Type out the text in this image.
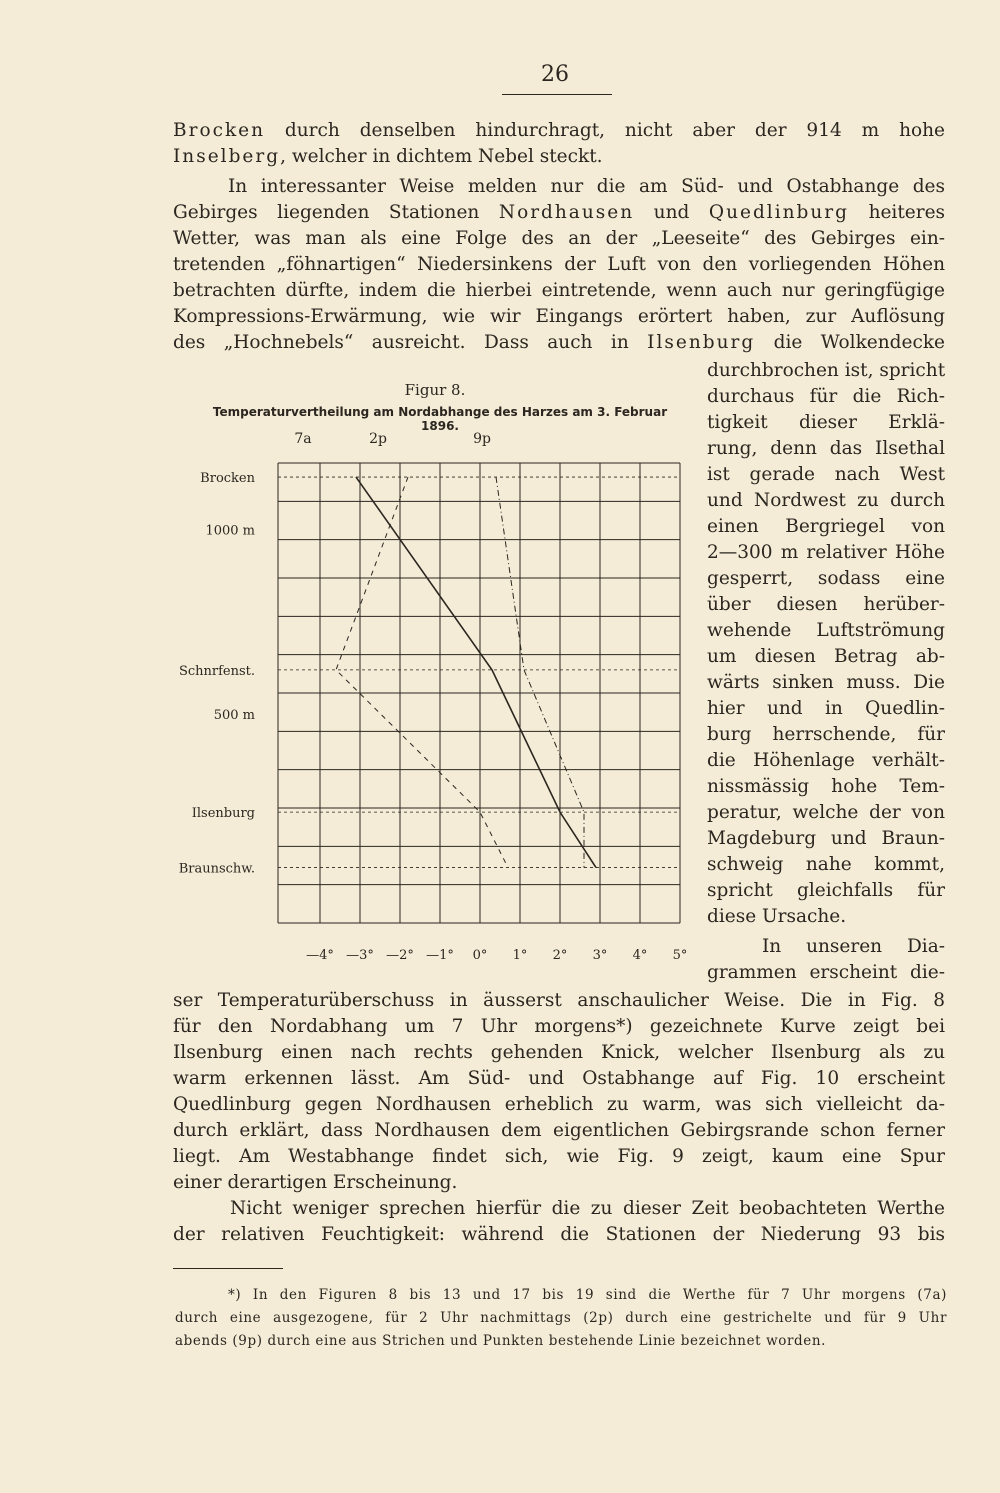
26

Brocken durch denselben hindurchragt, nicht aber der 914 m hohe

Inselberg, welcher in dichtem Nebel steckt.

In interessanter Weise melden nur die am Süd- und Ostabhange des

Gebirges liegenden Stationen Nordhausen und Quedlinburg heiteres

Wetter, was man als eine Folge des an der „Leeseite“ des Gebirges ein-

tretenden „föhnartigen“ Niedersinkens der Luft von den vorliegenden Höhen

betrachten dürfte, indem die hierbei eintretende, wenn auch nur geringfügige

Kompressions-Erwärmung, wie wir Eingangs erörtert haben, zur Auflösung

des „Hochnebels“ ausreicht. Dass auch in Ilsenburg die Wolkendecke

durchbrochen ist, spricht

durchaus für die Rich-

tigkeit dieser Erklä-

rung, denn das Ilsethal

ist gerade nach West

und Nordwest zu durch

einen Bergriegel von

2—300 m relativer Höhe

gesperrt, sodass eine

über diesen herüber-

wehende Luftströmung

um diesen Betrag ab-

wärts sinken muss. Die

hier und in Quedlin-

burg herrschende, für

die Höhenlage verhält-

nissmässig hohe Tem-

peratur, welche der von

Magdeburg und Braun-

schweig nahe kommt,

spricht gleichfalls für

diese Ursache.

In unseren Dia-

grammen erscheint die-

Figur 8.
Temperaturvertheilung am Nordabhange des Harzes am 3. Februar 1896.
Brocken
Schnrfenst.
Ilsenburg
Braunschw.
1000 m
500 m
—4° —3° —2° —1° 0° 1° 2° 3° 4° 5°
7a	2p	9p

ser Temperaturüberschuss in äusserst anschaulicher Weise. Die in Fig. 8

für den Nordabhang um 7 Uhr morgens*) gezeichnete Kurve zeigt bei

Ilsenburg einen nach rechts gehenden Knick, welcher Ilsenburg als zu

warm erkennen lässt. Am Süd- und Ostabhange auf Fig. 10 erscheint

Quedlinburg gegen Nordhausen erheblich zu warm, was sich vielleicht da-

durch erklärt, dass Nordhausen dem eigentlichen Gebirgsrande schon ferner

liegt. Am Westabhange findet sich, wie Fig. 9 zeigt, kaum eine Spur

einer derartigen Erscheinung.

Nicht weniger sprechen hierfür die zu dieser Zeit beobachteten Werthe

der relativen Feuchtigkeit: während die Stationen der Niederung 93 bis

*) In den Figuren 8 bis 13 und 17 bis 19 sind die Werthe für 7 Uhr morgens (7a)

durch eine ausgezogene, für 2 Uhr nachmittags (2p) durch eine gestrichelte und für 9 Uhr

abends (9p) durch eine aus Strichen und Punkten bestehende Linie bezeichnet worden.
